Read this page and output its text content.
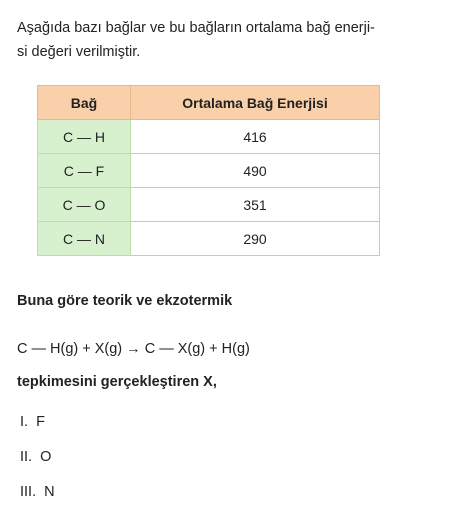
Aşağıda bazı bağlar ve bu bağların ortalama bağ enerji-
si değeri verilmiştir.

Bağ	Ortalama Bağ Enerjisi
C — H	416
C — F	490
C — O	351
C — N	290

Buna göre teorik ve ekzotermik

C — H(g) + X(g) → C — X(g) + H(g)

tepkimesini gerçekleştiren X,

I. F

II. O

III. N
